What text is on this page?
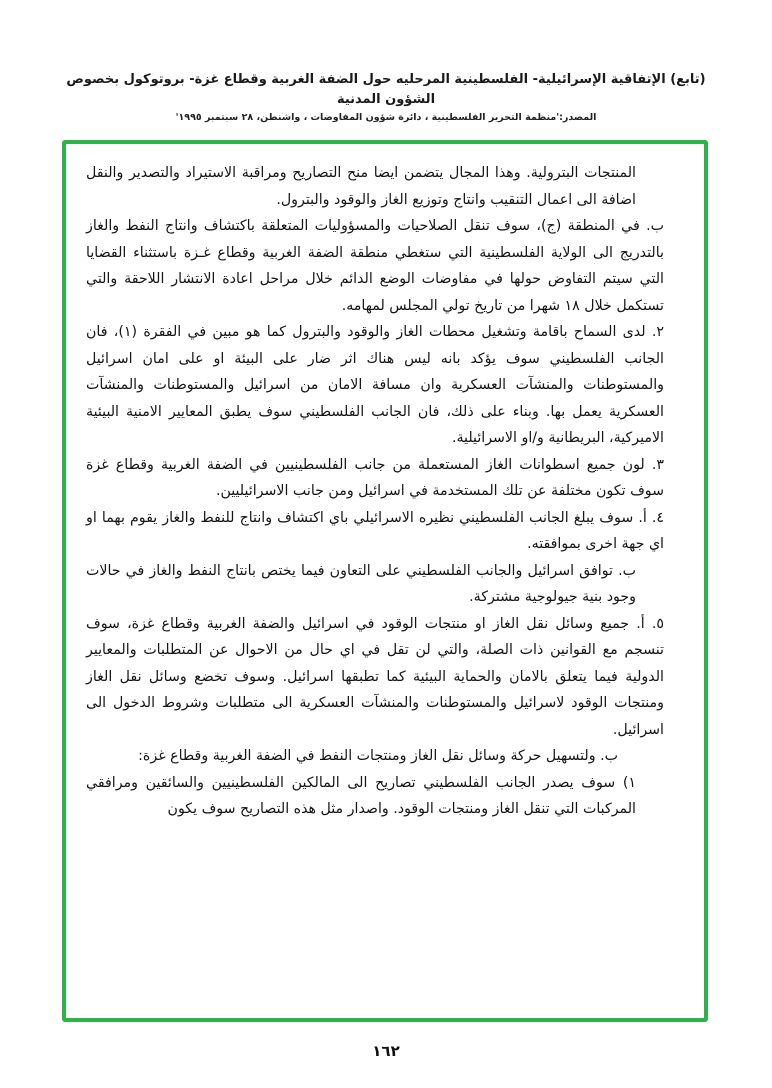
(تابع) الإتفاقية الإسرائيلية- الفلسطينية المرحليه حول الضفة الغربية وقطاع غزة- بروتوكول بخصوص الشؤون المدنية
المصدر:'منظمة التحرير الفلسطينية ، دائرة شؤون المفاوضات ، واشنطن، ٢٨ سبتمبر ١٩٩٥'
المنتجات البترولية. وهذا المجال يتضمن ايضا منح التصاريح ومراقبة الاستيراد والتصدير والنقل اضافة الى اعمال التنقيب وانتاج وتوزيع الغاز والوقود والبترول.
ب. في المنطقة (ج)، سوف تنقل الصلاحيات والمسؤوليات المتعلقة باكتشاف وانتاج النفط والغاز بالتدريج الى الولاية الفلسطينية التي ستغطي منطقة الضفة الغربية وقطاع غـزة باستثناء القضايا التي سيتم التفاوض حولها في مفاوضات الوضع الدائم خلال مراحل اعادة الانتشار اللاحقة والتي تستكمل خلال ١٨ شهرا من تاريخ تولي المجلس لمهامه.
٢. لدى السماح باقامة وتشغيل محطات الغاز والوقود والبترول كما هو مبين في الفقرة (١)، فان الجانب الفلسطيني سوف يؤكد بانه ليس هناك اثر ضار على البيئة او على امان اسرائيل والمستوطنات والمنشآت العسكرية وان مسافة الامان من اسرائيل والمستوطنات والمنشآت العسكرية يعمل بها. وبناء على ذلك، فان الجانب الفلسطيني سوف يطبق المعايير الامنية البيئية الاميركية، البريطانية و/او الاسرائيلية.
٣. لون جميع اسطوانات الغاز المستعملة من جانب الفلسطينيين في الضفة الغربية وقطاع غزة سوف تكون مختلفة عن تلك المستخدمة في اسرائيل ومن جانب الاسرائيليين.
٤. أ. سوف يبلغ الجانب الفلسطيني نظيره الاسرائيلي باي اكتشاف وانتاج للنفط والغاز يقوم بهما او اي جهة اخرى بموافقته.
ب. توافق اسرائيل والجانب الفلسطيني على التعاون فيما يختص بانتاج النفط والغاز في حالات وجود بنية جيولوجية مشتركة.
٥. أ. جميع وسائل نقل الغاز او منتجات الوقود في اسرائيل والضفة الغربية وقطاع غزة، سوف تنسجم مع القوانين ذات الصلة، والتي لن تقل في اي حال من الاحوال عن المتطلبات والمعايير الدولية فيما يتعلق بالامان والحماية البيئية كما تطبقها اسرائيل. وسوف تخضع وسائل نقل الغاز ومنتجات الوقود لاسرائيل والمستوطنات والمنشآت العسكرية الى متطلبات وشروط الدخول الى اسرائيل.
ب. ولتسهيل حركة وسائل نقل الغاز ومنتجات النفط في الضفة الغربية وقطاع غزة:
١) سوف يصدر الجانب الفلسطيني تصاريح الى المالكين الفلسطينيين والسائقين ومرافقي المركبات التي تنقل الغاز ومنتجات الوقود. واصدار مثل هذه التصاريح سوف يكون
١٦٢
